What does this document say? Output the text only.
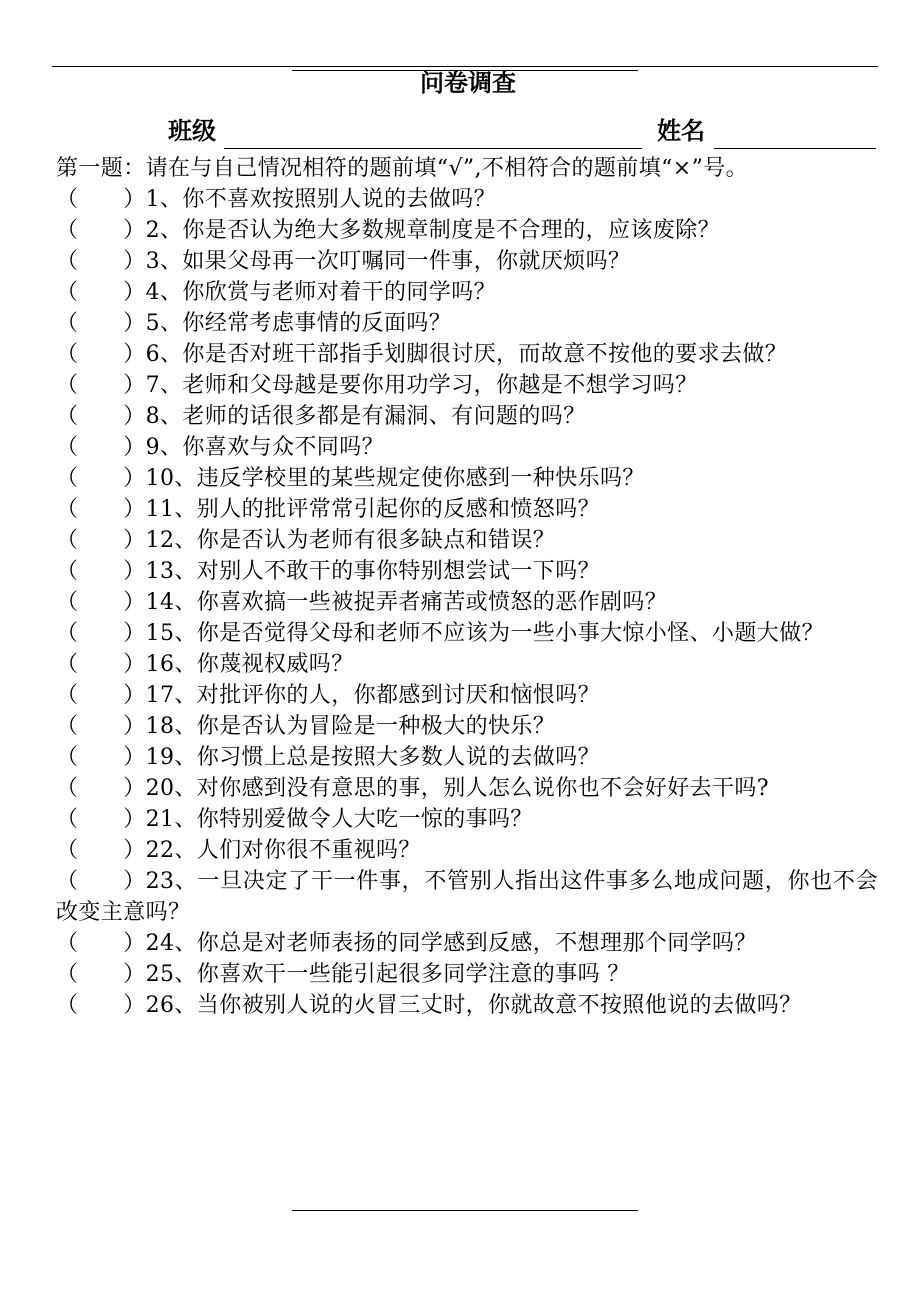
问卷调查
班级	姓名

第一题：请在与自己情况相符的题前填“√”,不相符合的题前填“×”号。

（　　）1、你不喜欢按照别人说的去做吗？
（　　）2、你是否认为绝大多数规章制度是不合理的，应该废除？
（　　）3、如果父母再一次叮嘱同一件事，你就厌烦吗？
（　　）4、你欣赏与老师对着干的同学吗？
（　　）5、你经常考虑事情的反面吗？
（　　）6、你是否对班干部指手划脚很讨厌，而故意不按他的要求去做？
（　　）7、老师和父母越是要你用功学习，你越是不想学习吗？
（　　）8、老师的话很多都是有漏洞、有问题的吗？
（　　）9、你喜欢与众不同吗？
（　　）10、违反学校里的某些规定使你感到一种快乐吗？
（　　）11、别人的批评常常引起你的反感和愤怒吗？
（　　）12、你是否认为老师有很多缺点和错误？
（　　）13、对别人不敢干的事你特别想尝试一下吗？
（　　）14、你喜欢搞一些被捉弄者痛苦或愤怒的恶作剧吗？
（　　）15、你是否觉得父母和老师不应该为一些小事大惊小怪、小题大做？
（　　）16、你蔑视权威吗？
（　　）17、对批评你的人，你都感到讨厌和恼恨吗？
（　　）18、你是否认为冒险是一种极大的快乐？
（　　）19、你习惯上总是按照大多数人说的去做吗？
（　　）20、对你感到没有意思的事，别人怎么说你也不会好好去干吗?
（　　）21、你特别爱做令人大吃一惊的事吗？
（　　）22、人们对你很不重视吗？
（　　）23、一旦决定了干一件事，不管别人指出这件事多么地成问题，你也不会改变主意吗？
（　　）24、你总是对老师表扬的同学感到反感，不想理那个同学吗？
（　　）25、你喜欢干一些能引起很多同学注意的事吗 ？
（　　）26、当你被别人说的火冒三丈时，你就故意不按照他说的去做吗？
